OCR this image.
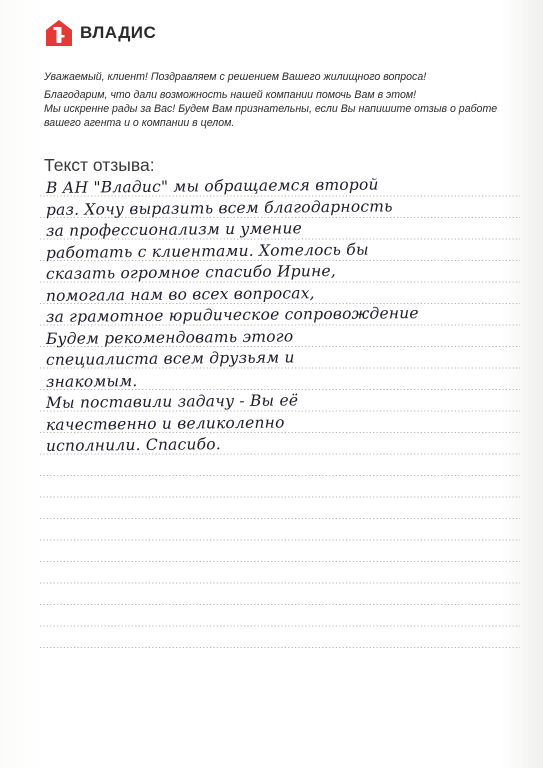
ВЛАДИС

Уважаемый, клиент! Поздравляем с решением Вашего жилищного вопроса!

Благодарим, что дали возможность нашей компании помочь Вам в этом!

Мы искренне рады за Вас! Будем Вам признательны, если Вы напишите отзыв о работе

вашего агента и о компании в целом.

Текст отзыва:
В АН "Владис" мы обращаемся второй
раз. Хочу выразить всем благодарность
за профессионализм и умение
работать с клиентами. Хотелось бы
сказать огромное спасибо Ирине,
помогала нам во всех вопросах,
за грамотное юридическое сопровождение
Будем рекомендовать этого
специалиста всем друзьям и
знакомым.
Мы поставили задачу - Вы её
качественно и великолепно
исполнили. Спасибо.
